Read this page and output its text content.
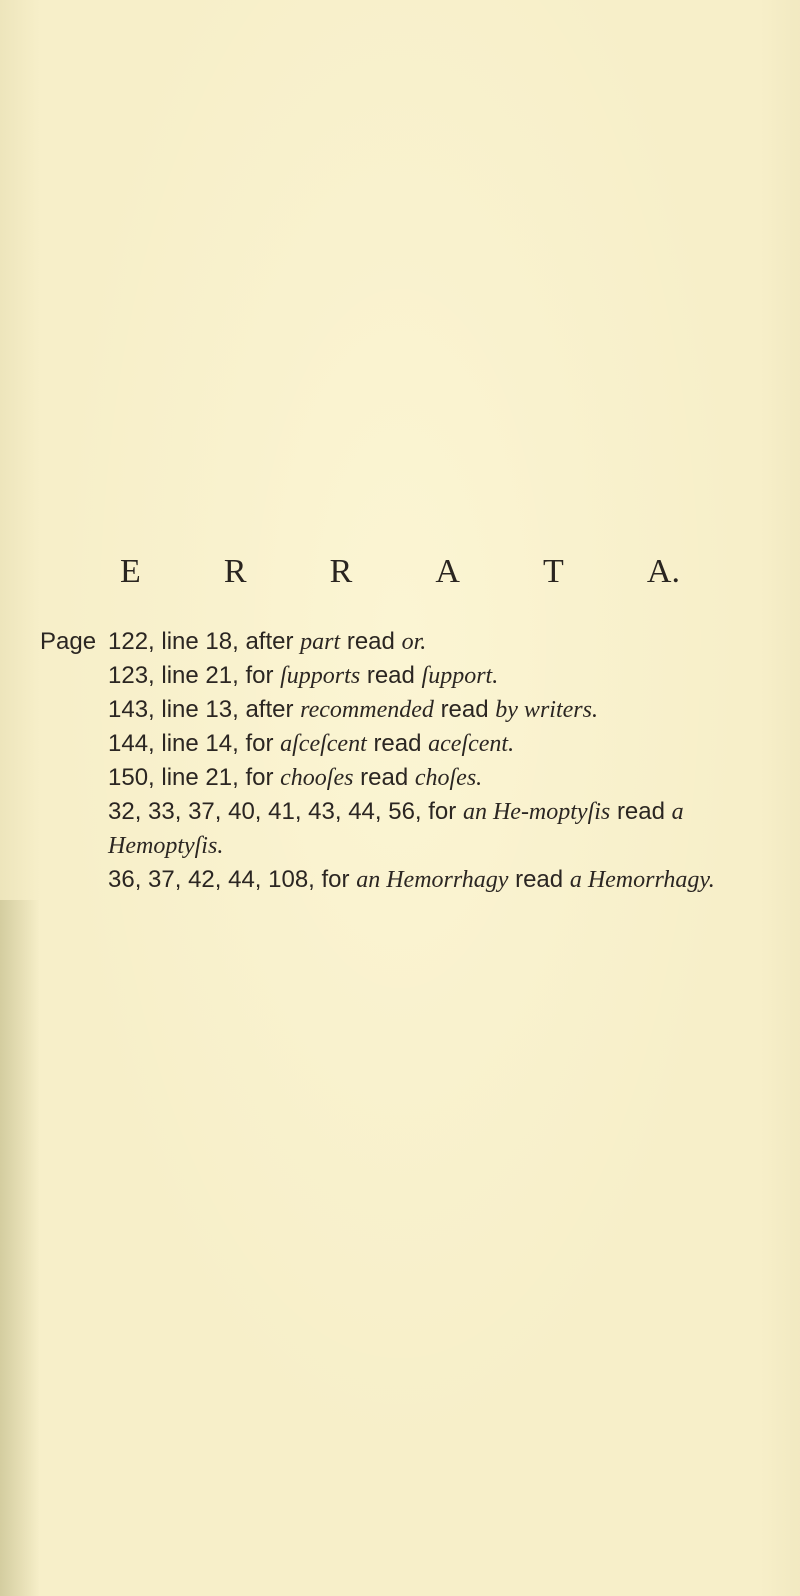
E R R A T A.

Page 122, line 18, after part read or.

123, line 21, for ſupports read ſupport.

143, line 13, after recommended read by writers.

144, line 14, for aſceſcent read aceſcent.

150, line 21, for chooſes read choſes.

32, 33, 37, 40, 41, 43, 44, 56, for an He-moptyſis read a Hemoptyſis.

36, 37, 42, 44, 108, for an Hemorrhagy read a Hemorrhagy.
